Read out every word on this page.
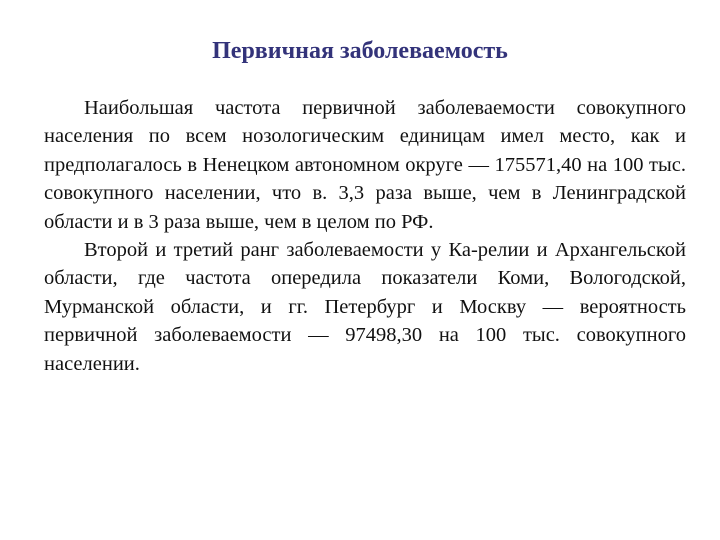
Первичная заболеваемость

Наибольшая частота первичной заболеваемости совокупного населения по всем нозологическим единицам имел место, как и предполагалось в Ненецком автономном округе — 175571,40 на 100 тыс. совокупного населении, что в. 3,3 раза выше, чем в Ленинградской области и в 3 раза выше, чем в целом по РФ.

Второй и третий ранг заболеваемости у Ка-релии и Архангельской области, где частота опередила показатели Коми, Вологодской, Мурманской области, и гг. Петербург и Москву — вероятность первичной заболеваемости — 97498,30 на 100 тыс. совокупного населении.
